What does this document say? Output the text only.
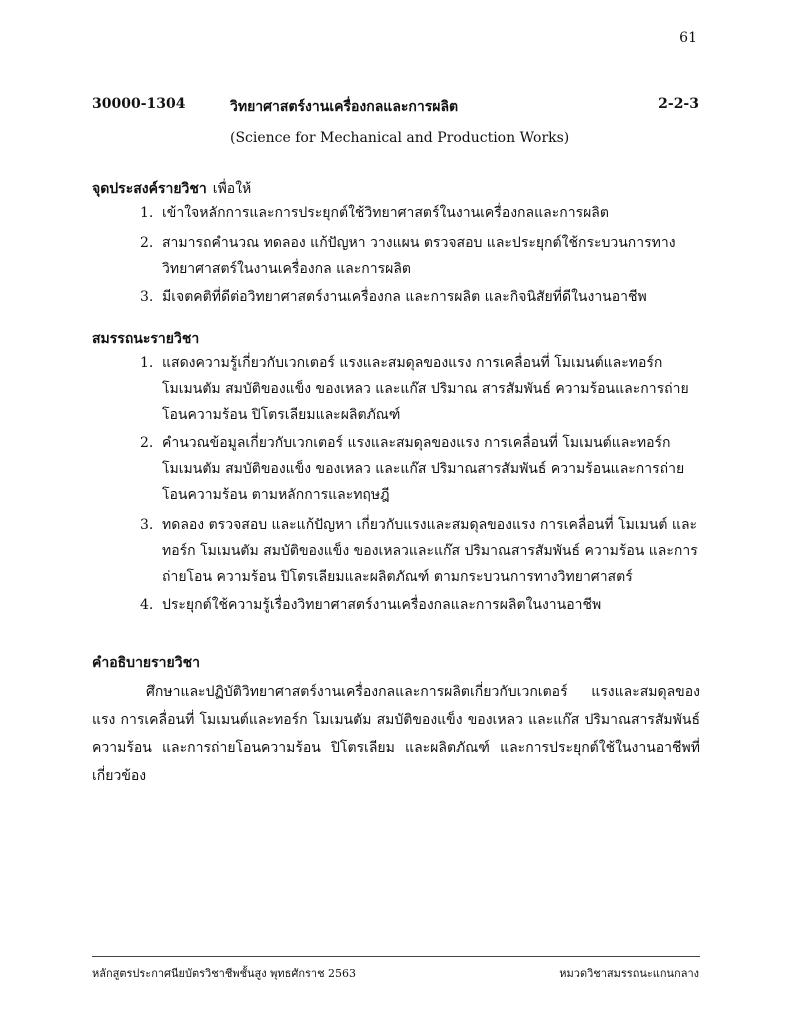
61
30000-1304	วิทยาศาสตร์งานเครื่องกลและการผลิต	2-2-3
(Science for Mechanical and Production Works)
จุดประสงค์รายวิชา เพื่อให้
1. เข้าใจหลักการและการประยุกต์ใช้วิทยาศาสตร์ในงานเครื่องกลและการผลิต
2. สามารถคำนวณ ทดลอง แก้ปัญหา วางแผน ตรวจสอบ และประยุกต์ใช้กระบวนการทางวิทยาศาสตร์ในงานเครื่องกล และการผลิต
3. มีเจตคติที่ดีต่อวิทยาศาสตร์งานเครื่องกล และการผลิต และกิจนิสัยที่ดีในงานอาชีพ
สมรรถนะรายวิชา
1. แสดงความรู้เกี่ยวกับเวกเตอร์ แรงและสมดุลของแรง การเคลื่อนที่ โมเมนต์และทอร์ก โมเมนตัม สมบัติของแข็ง ของเหลว และแก๊ส ปริมาณ สารสัมพันธ์ ความร้อนและการถ่ายโอนความร้อน ปิโตรเลียมและผลิตภัณฑ์
2. คำนวณข้อมูลเกี่ยวกับเวกเตอร์ แรงและสมดุลของแรง การเคลื่อนที่ โมเมนต์และทอร์กโมเมนตัม สมบัติของแข็ง ของเหลว และแก๊ส ปริมาณสารสัมพันธ์ ความร้อนและการถ่ายโอนความร้อน ตามหลักการและทฤษฎี
3. ทดลอง ตรวจสอบ และแก้ปัญหา เกี่ยวกับแรงและสมดุลของแรง การเคลื่อนที่ โมเมนต์ และทอร์ก โมเมนตัม สมบัติของแข็ง ของเหลวและแก๊ส ปริมาณสารสัมพันธ์ ความร้อน และการถ่ายโอน ความร้อน ปิโตรเลียมและผลิตภัณฑ์ ตามกระบวนการทางวิทยาศาสตร์
4. ประยุกต์ใช้ความรู้เรื่องวิทยาศาสตร์งานเครื่องกลและการผลิตในงานอาชีพ
คำอธิบายรายวิชา
ศึกษาและปฏิบัติวิทยาศาสตร์งานเครื่องกลและการผลิตเกี่ยวกับเวกเตอร์ แรงและสมดุลของแรง การเคลื่อนที่ โมเมนต์และทอร์ก โมเมนตัม สมบัติของแข็ง ของเหลว และแก๊ส ปริมาณสารสัมพันธ์ ความร้อน และการถ่ายโอนความร้อน ปิโตรเลียม และผลิตภัณฑ์ และการประยุกต์ใช้ในงานอาชีพที่เกี่ยวข้อง
หลักสูตรประกาศนียบัตรวิชาชีพชั้นสูง พุทธศักราช 2563	หมวดวิชาสมรรถนะแกนกลาง
